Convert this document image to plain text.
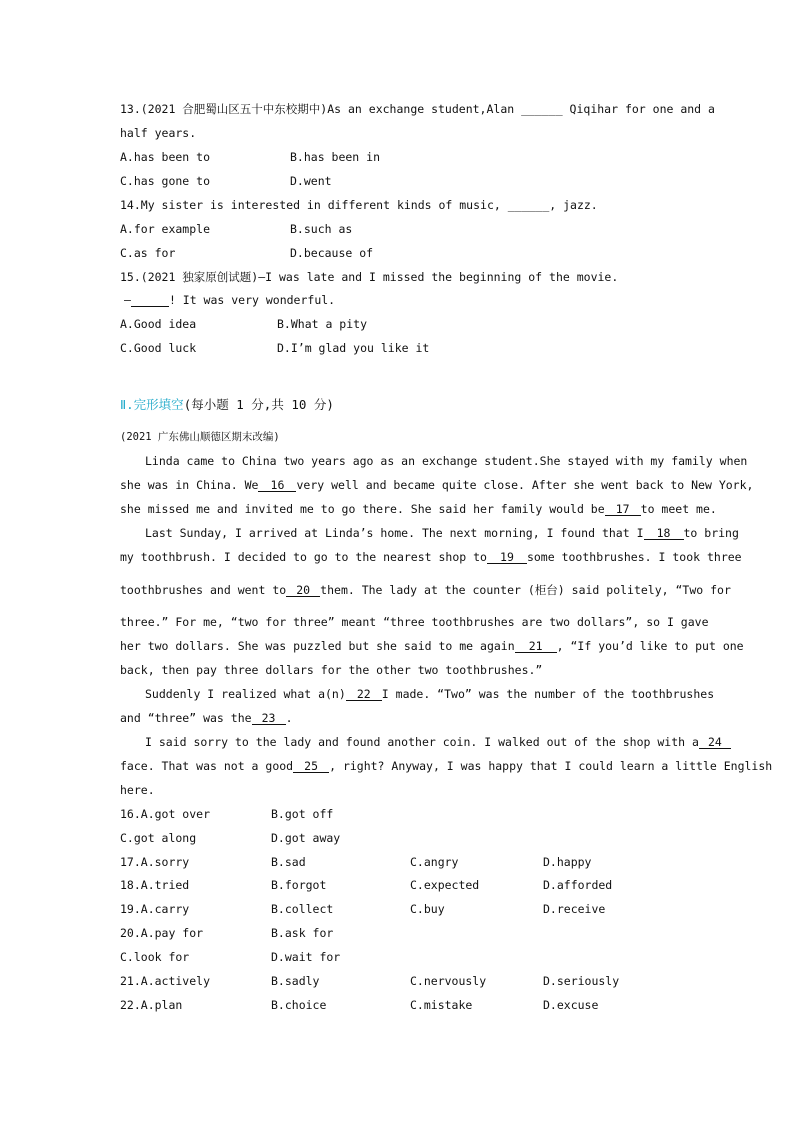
13.(2021 合肥蜀山区五十中东校期中)As an exchange student,Alan ______ Qiqihar for one and a
half years.
A.has been to	B.has been in
C.has gone to	D.went
14.My sister is interested in different kinds of music, ______, jazz.
A.for example	B.such as
C.as for	D.because of
15.(2021 独家原创试题)—I was late and I missed the beginning of the movie.
—	! It was very wonderful.
A.Good idea	B.What a pity
C.Good luck	D.I’m glad you like it
Ⅱ.完形填空(每小题 1 分,共 10 分)
(2021 广东佛山顺德区期末改编)
Linda came to China two years ago as an exchange student.She stayed with my family when
she was in China. We 16 very well and became quite close. After she went back to New York,
she missed me and invited me to go there. She said her family would be 17 to meet me.
Last Sunday, I arrived at Linda’s home. The next morning, I found that I 18 to bring
my toothbrush. I decided to go to the nearest shop to 19 some toothbrushes. I took three
toothbrushes and went to 20 them. The lady at the counter (柜台) said politely, “Two for
three.” For me, “two for three” meant “three toothbrushes are two dollars”, so I gave
her two dollars. She was puzzled but she said to me again 21 , “If you’d like to put one
back, then pay three dollars for the other two toothbrushes.”
Suddenly I realized what a(n) 22 I made. “Two” was the number of the toothbrushes
and “three” was the 23 .
I said sorry to the lady and found another coin. I walked out of the shop with a 24
face. That was not a good 25 , right? Anyway, I was happy that I could learn a little English
here.
16.A.got over	B.got off
C.got along	D.got away
17.A.sorry	B.sad	C.angry	D.happy
18.A.tried	B.forgot	C.expected	D.afforded
19.A.carry	B.collect	C.buy	D.receive
20.A.pay for	B.ask for
C.look for	D.wait for
21.A.actively	B.sadly	C.nervously	D.seriously
22.A.plan	B.choice	C.mistake	D.excuse
